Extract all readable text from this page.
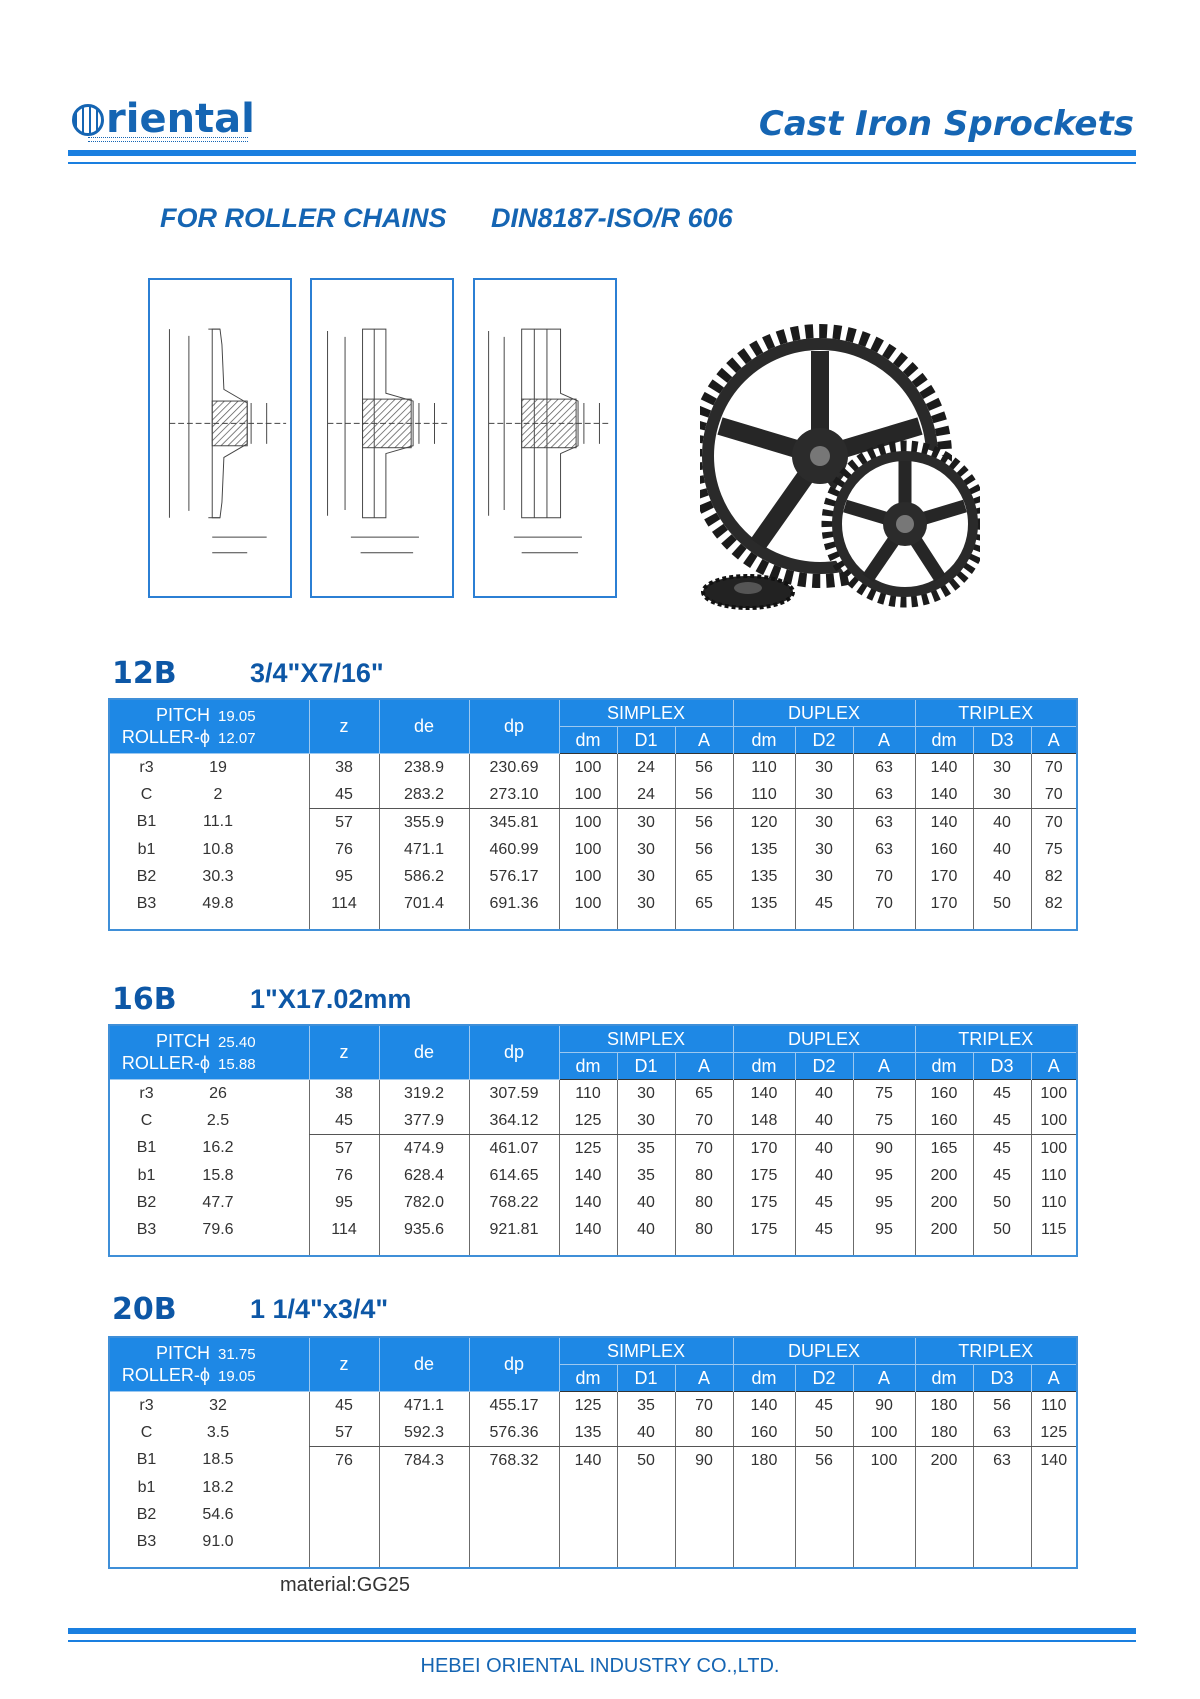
riental	Cast Iron Sprockets
FOR ROLLER CHAINS DIN8187-ISO/R 606
12B	3/4"X7/16"
PITCH 19.05
ROLLER-ϕ 12.07	z	de	dp	SIMPLEX			DUPLEX			TRIPLEX		
				dm	D1	A	dm	D2	A	dm	D3	A
r3 19	38	238.9	230.69	100	24	56	110	30	63	140	30	70
C 2	45	283.2	273.10	100	24	56	110	30	63	140	30	70
B1 11.1	57	355.9	345.81	100	30	56	120	30	63	140	40	70
b1 10.8	76	471.1	460.99	100	30	56	135	30	63	160	40	75
B2 30.3	95	586.2	576.17	100	30	65	135	30	70	170	40	82
B3 49.8	114	701.4	691.36	100	30	65	135	45	70	170	50	82
16B	1"X17.02mm
PITCH 25.40
ROLLER-ϕ 15.88	z	de	dp	SIMPLEX			DUPLEX			TRIPLEX		
				dm	D1	A	dm	D2	A	dm	D3	A
r3 26	38	319.2	307.59	110	30	65	140	40	75	160	45	100
C 2.5	45	377.9	364.12	125	30	70	148	40	75	160	45	100
B1 16.2	57	474.9	461.07	125	35	70	170	40	90	165	45	100
b1 15.8	76	628.4	614.65	140	35	80	175	40	95	200	45	110
B2 47.7	95	782.0	768.22	140	40	80	175	45	95	200	50	110
B3 79.6	114	935.6	921.81	140	40	80	175	45	95	200	50	115
20B	1 1/4"x3/4"
PITCH 31.75
ROLLER-ϕ 19.05	z	de	dp	SIMPLEX			DUPLEX			TRIPLEX		
				dm	D1	A	dm	D2	A	dm	D3	A
r3 32	45	471.1	455.17	125	35	70	140	45	90	180	56	110
C 3.5	57	592.3	576.36	135	40	80	160	50	100	180	63	125
B1 18.5	76	784.3	768.32	140	50	90	180	56	100	200	63	140
b1 18.2												
B2 54.6												
B3 91.0												
material:GG25
HEBEI ORIENTAL INDUSTRY CO.,LTD.
